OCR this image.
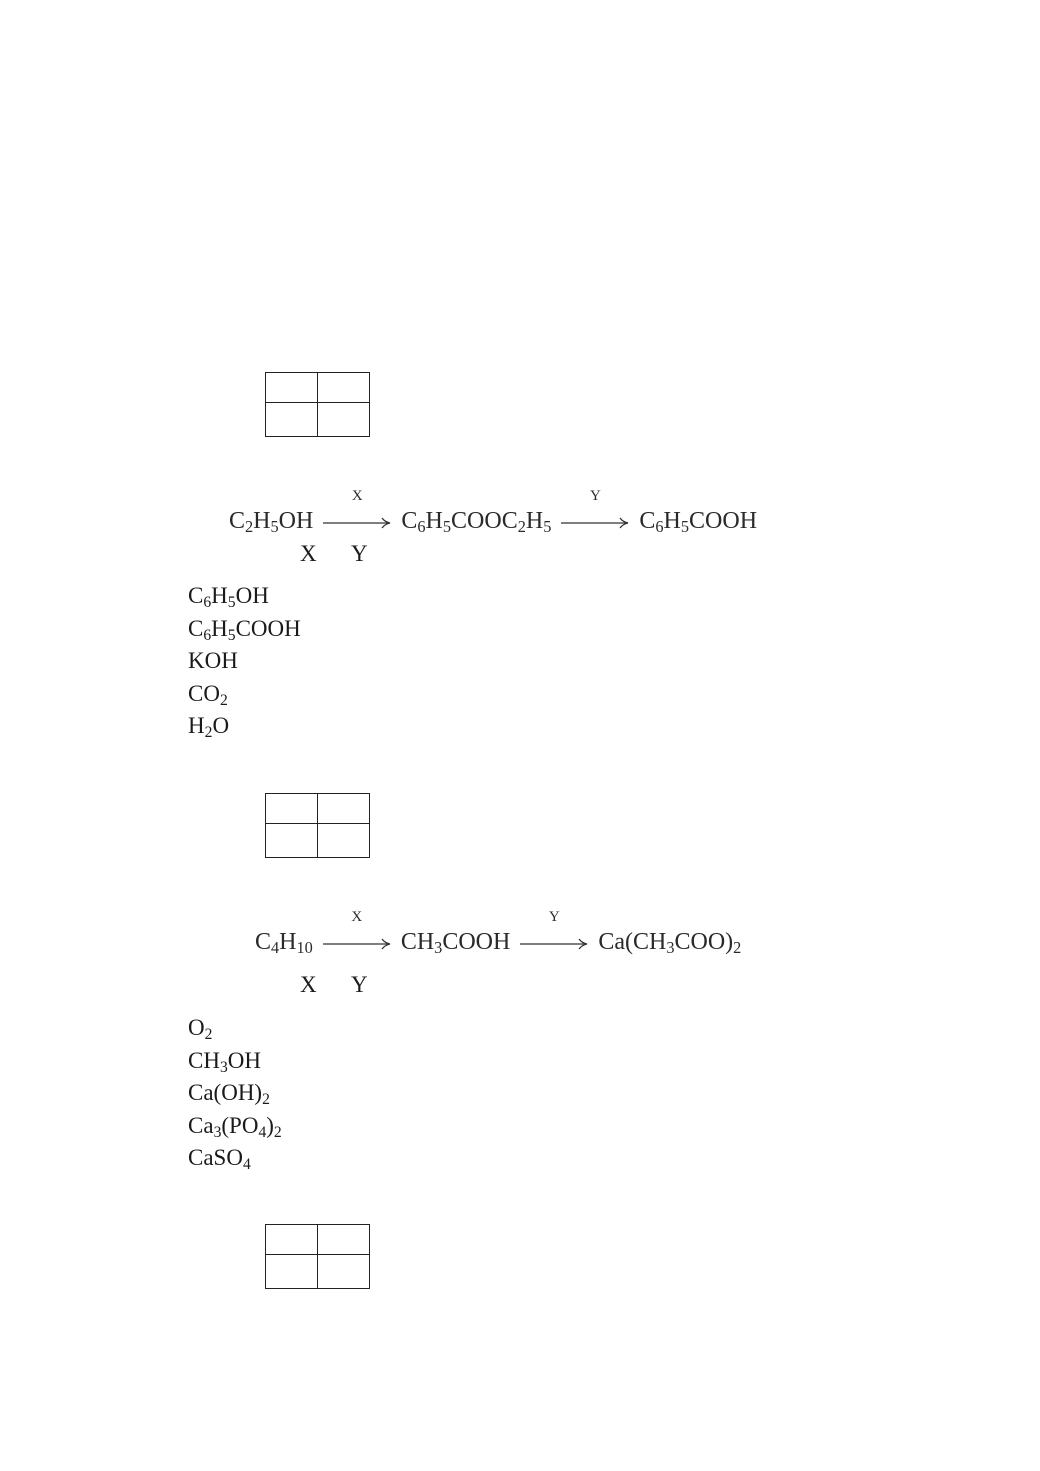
$C_2H_5OH$
X
$C_6H_5COOC_2H_5$
Y
$C_6H_5COOH$
X Y
$C_6H_5OH$
$C_6H_5COOH$
KOH
$CO_2$
$H_2O$

$C_4H_{10}$
X
$CH_3COOH$
Y
$Ca(CH_3COO)_2$
X Y
$O_2$
$CH_3OH$
$Ca(OH)_2$
$Ca_3(PO_4)_2$
CaSO$_4$
